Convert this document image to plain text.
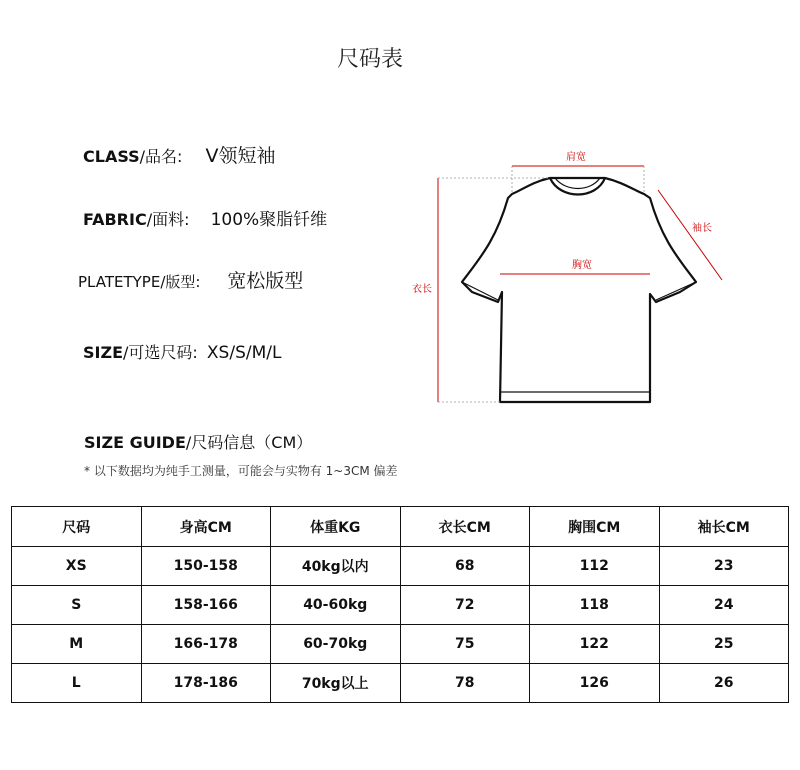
尺码表
CLASS/品名: V领短袖
FABRIC/面料: 100%聚脂钎维
PLATETYPE/版型: 宽松版型
SIZE/可选尺码: XS/S/M/L
SIZE GUIDE/尺码信息（CM）
* 以下数据均为纯手工测量，可能会与实物有 1~3CM 偏差
肩宽
袖长
胸宽
衣长
尺码	身高CM	体重KG	衣长CM	胸围CM	袖长CM
XS	150-158	40kg以内	68	112	23
S	158-166	40-60kg	72	118	24
M	166-178	60-70kg	75	122	25
L	178-186	70kg以上	78	126	26
